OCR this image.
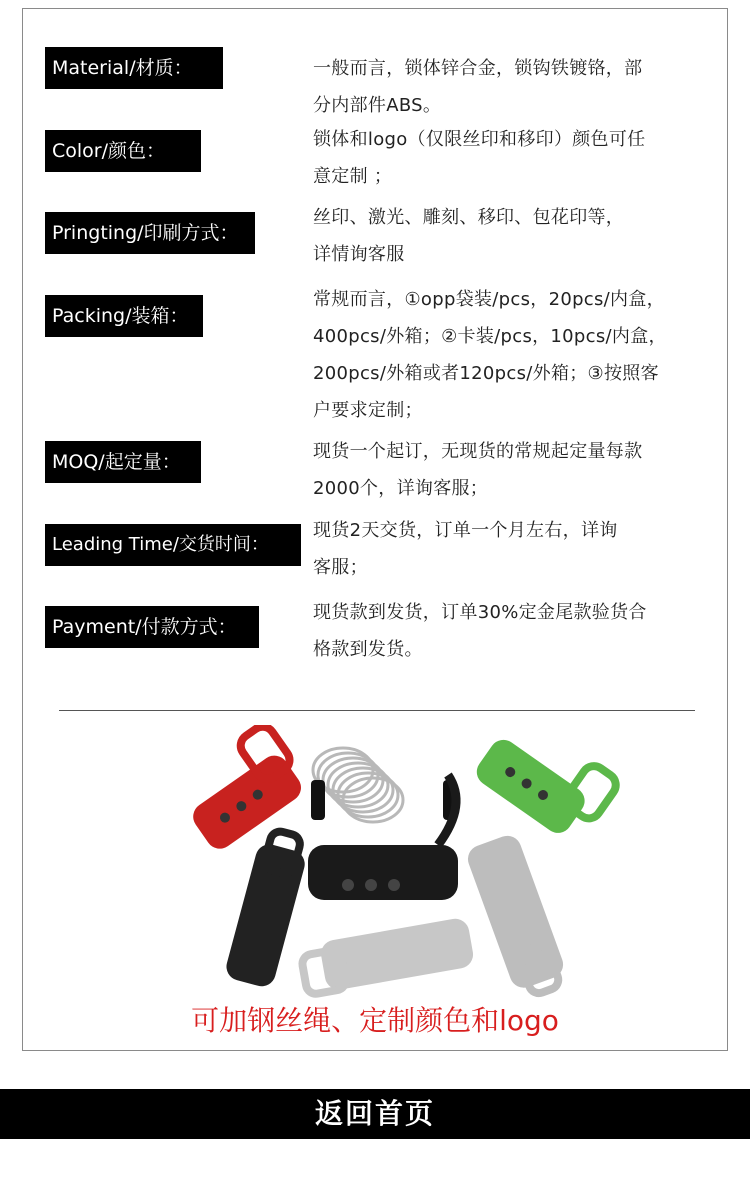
Material/材质：	一般而言，锁体锌合金，锁钩铁镀铬，部
分内部件ABS。
Color/颜色：
锁体和logo（仅限丝印和移印）颜色可任
意定制 ；
Pringting/印刷方式：
丝印、激光、雕刻、移印、包花印等，
详情询客服
Packing/装箱：
常规而言，①opp袋装/pcs，20pcs/内盒，
400pcs/外箱；②卡装/pcs，10pcs/内盒，
200pcs/外箱或者120pcs/外箱；③按照客
户要求定制；
MOQ/起定量：	现货一个起订，无现货的常规起定量每款
2000个，详询客服；
Leading Time/交货时间：
现货2天交货，订单一个月左右，详询
客服；
Payment/付款方式：
现货款到发货，订单30%定金尾款验货合
格款到发货。
可加钢丝绳、定制颜色和logo
返回首页
